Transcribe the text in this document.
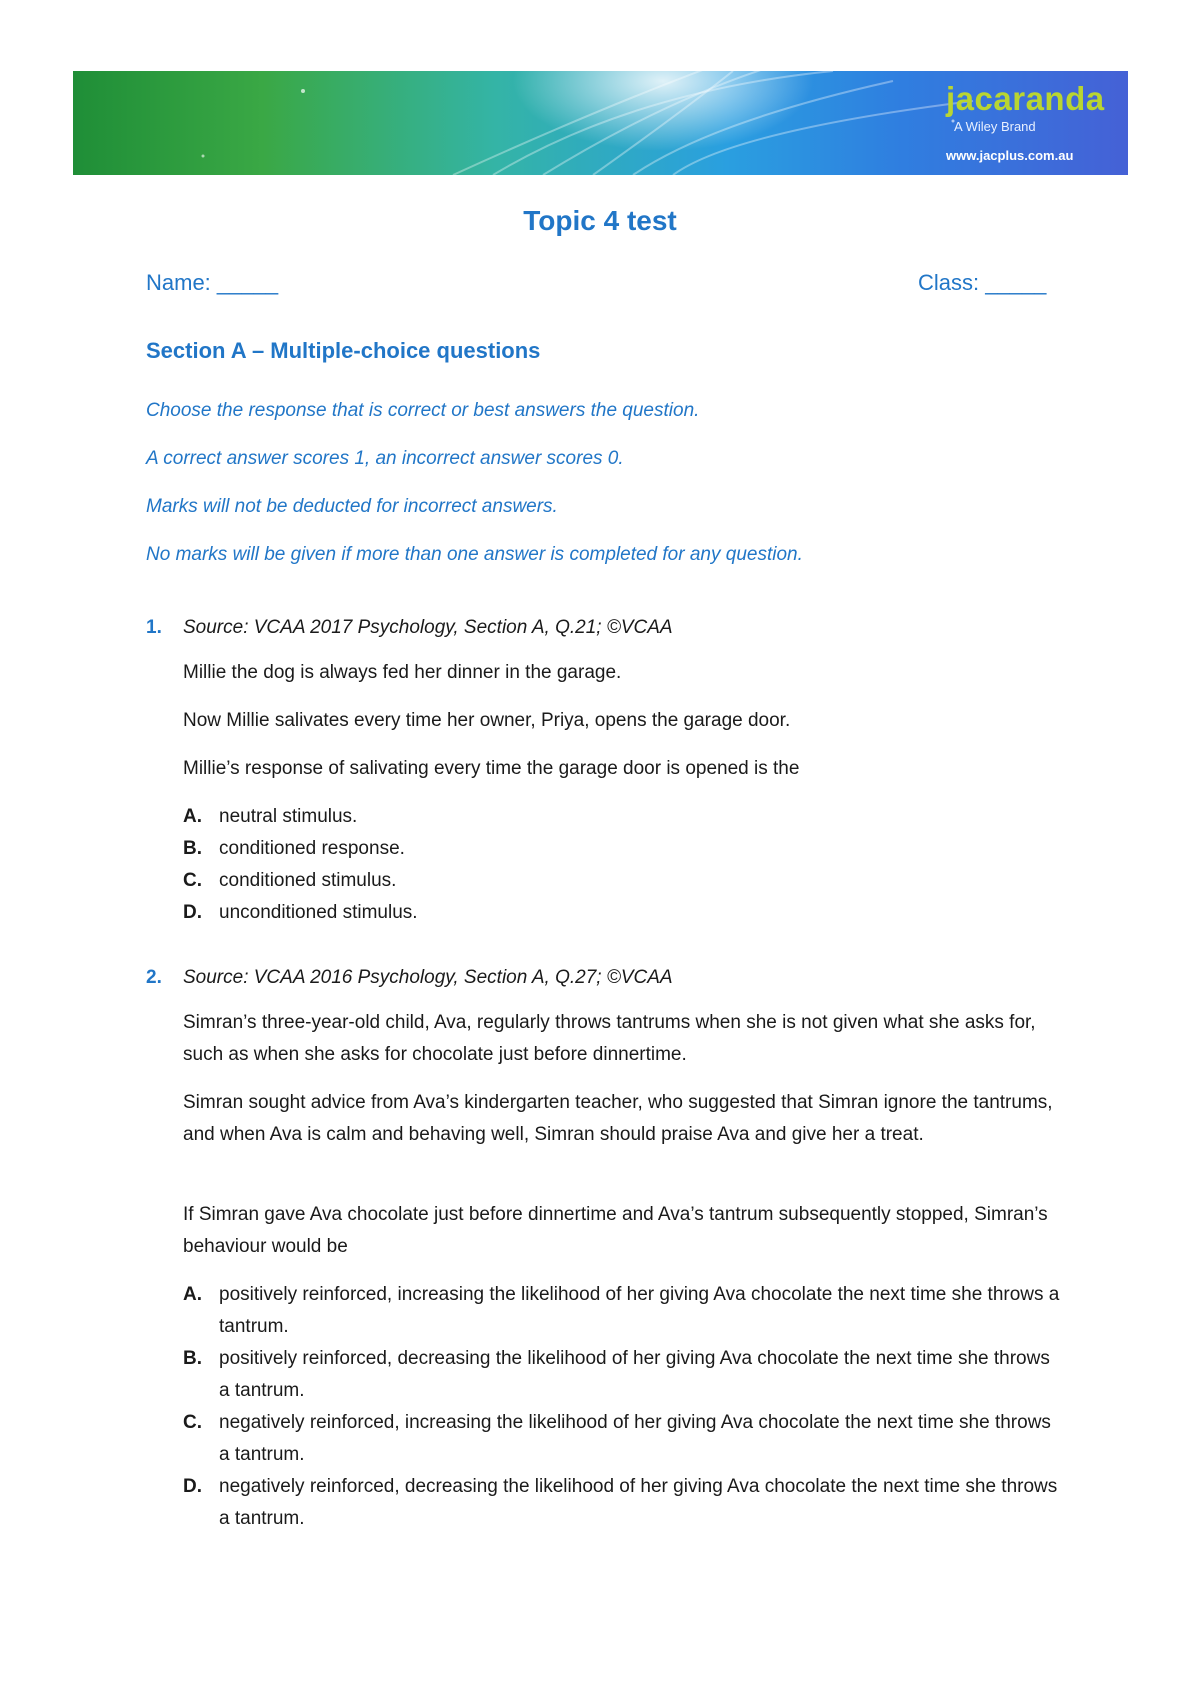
jacaranda
A Wiley Brand
www.jacplus.com.au
Topic 4 test
Name: _____	Class: _____
Section A – Multiple-choice questions
Choose the response that is correct or best answers the question.
A correct answer scores 1, an incorrect answer scores 0.
Marks will not be deducted for incorrect answers.
No marks will be given if more than one answer is completed for any question.
1. Source: VCAA 2017 Psychology, Section A, Q.21; ©VCAA
Millie the dog is always fed her dinner in the garage.
Now Millie salivates every time her owner, Priya, opens the garage door.
Millie’s response of salivating every time the garage door is opened is the
A. neutral stimulus.
B. conditioned response.
C. conditioned stimulus.
D. unconditioned stimulus.
2. Source: VCAA 2016 Psychology, Section A, Q.27; ©VCAA
Simran’s three-year-old child, Ava, regularly throws tantrums when she is not given what she asks for, such as when she asks for chocolate just before dinnertime.
Simran sought advice from Ava’s kindergarten teacher, who suggested that Simran ignore the tantrums, and when Ava is calm and behaving well, Simran should praise Ava and give her a treat.
If Simran gave Ava chocolate just before dinnertime and Ava’s tantrum subsequently stopped, Simran’s behaviour would be
A. positively reinforced, increasing the likelihood of her giving Ava chocolate the next time she throws a tantrum.
B. positively reinforced, decreasing the likelihood of her giving Ava chocolate the next time she throws a tantrum.
C. negatively reinforced, increasing the likelihood of her giving Ava chocolate the next time she throws a tantrum.
D. negatively reinforced, decreasing the likelihood of her giving Ava chocolate the next time she throws a tantrum.
